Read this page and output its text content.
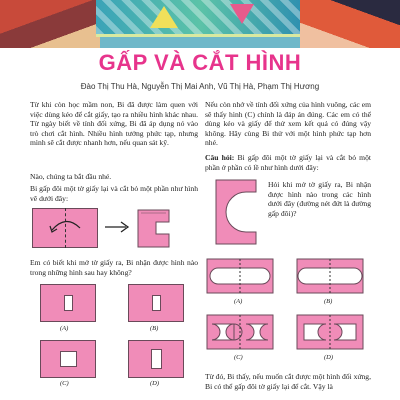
GẤP VÀ CẮT HÌNH
Đào Thị Thu Hà, Nguyễn Thị Mai Anh, Vũ Thị Hà, Phạm Thị Hương
Từ khi còn học mầm non, Bi đã được làm quen với việc dùng kéo để cắt giấy, tạo ra nhiều hình khác nhau. Từ ngày biết về tính đối xứng, Bi đã áp dụng nó vào trò chơi cắt hình. Nhiều hình tưởng phức tạp, nhưng mình sẽ cắt được nhanh hơn, nếu quan sát kỹ.
Nào, chúng ta bắt đầu nhé.
Bi gấp đôi một tờ giấy lại và cắt bỏ một phần như hình vẽ dưới đây:
Em có biết khi mở tờ giấy ra, Bi nhận được hình nào trong những hình sau hay không?
(A)	(B)
(C)	(D)
Nếu còn nhớ về tính đối xứng của hình vuông, các em sẽ thấy hình (C) chính là đáp án đúng. Các em có thể dùng kéo và giấy để thử xem kết quả có đúng vậy không. Hãy cùng Bi thử với một hình phức tạp hơn nhé.
Câu hỏi: Bi gấp đôi một tờ giấy lại và cắt bỏ một phần ở phần có lề như hình dưới đây:
Hỏi khi mở tờ giấy ra, Bi nhận được hình nào trong các hình dưới đây (đường nét đứt là đường gấp đôi)?
(A)	(B)
(C)	(D)
Từ đó, Bi thấy, nếu muốn cắt được một hình đối xứng, Bi có thể gấp đôi tờ giấy lại để cắt. Vậy là
